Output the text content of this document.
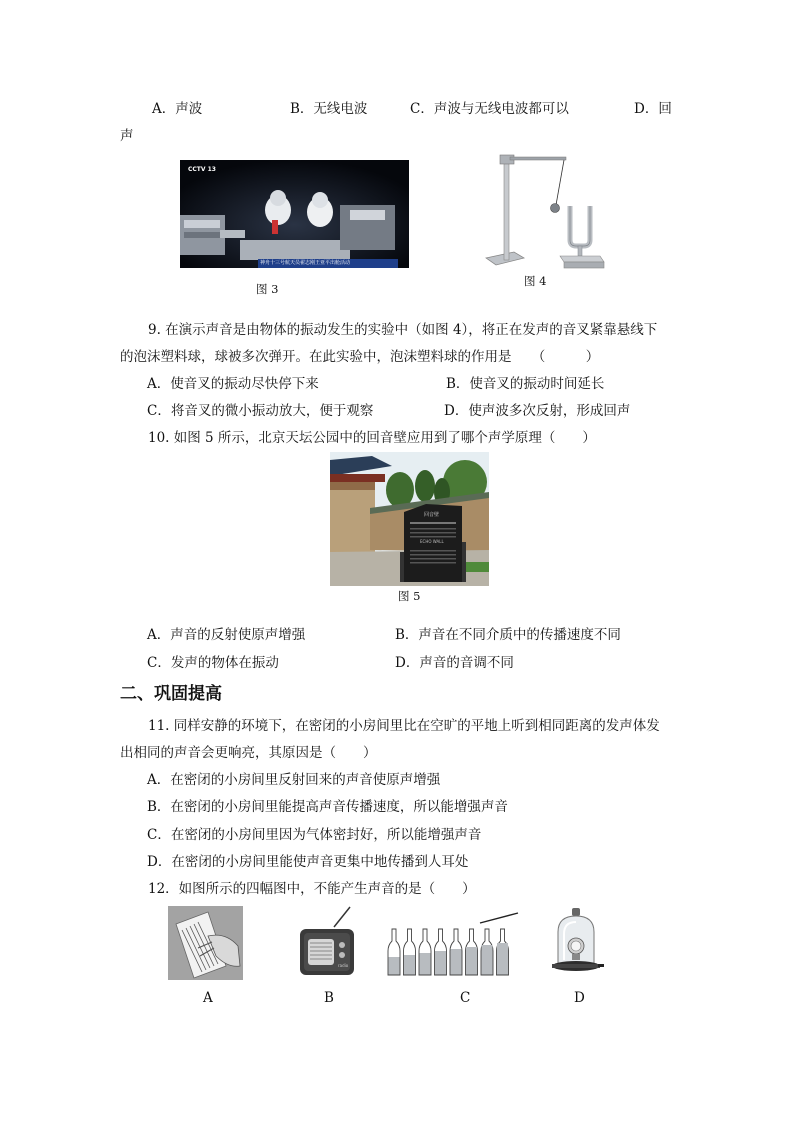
A．声波	B．无线电波	C．声波与无线电波都可以	D．回
声
CCTV 13
神舟十三号航天员翟志刚王亚平出舱活动
图 3
图 4
9. 在演示声音是由物体的振动发生的实验中（如图 4），将正在发声的音叉紧靠悬线下
的泡沫塑料球，球被多次弹开。在此实验中，泡沫塑料球的作用是　　（　　　）
A．使音叉的振动尽快停下来	B．使音叉的振动时间延长
C．将音叉的微小振动放大，便于观察	D．使声波多次反射，形成回声
10. 如图 5 所示，北京天坛公园中的回音壁应用到了哪个声学原理（　　）
回音壁
ECHO WALL
图 5
A．声音的反射使原声增强	B．声音在不同介质中的传播速度不同
C．发声的物体在振动	D．声音的音调不同
二、巩固提高
11. 同样安静的环境下，在密闭的小房间里比在空旷的平地上听到相同距离的发声体发
出相同的声音会更响亮，其原因是（　　）
A．在密闭的小房间里反射回来的声音使原声增强
B．在密闭的小房间里能提高声音传播速度，所以能增强声音
C．在密闭的小房间里因为气体密封好，所以能增强声音
D．在密闭的小房间里能使声音更集中地传播到人耳处
12．如图所示的四幅图中，不能产生声音的是（　　）
radio
A	B	C	D
